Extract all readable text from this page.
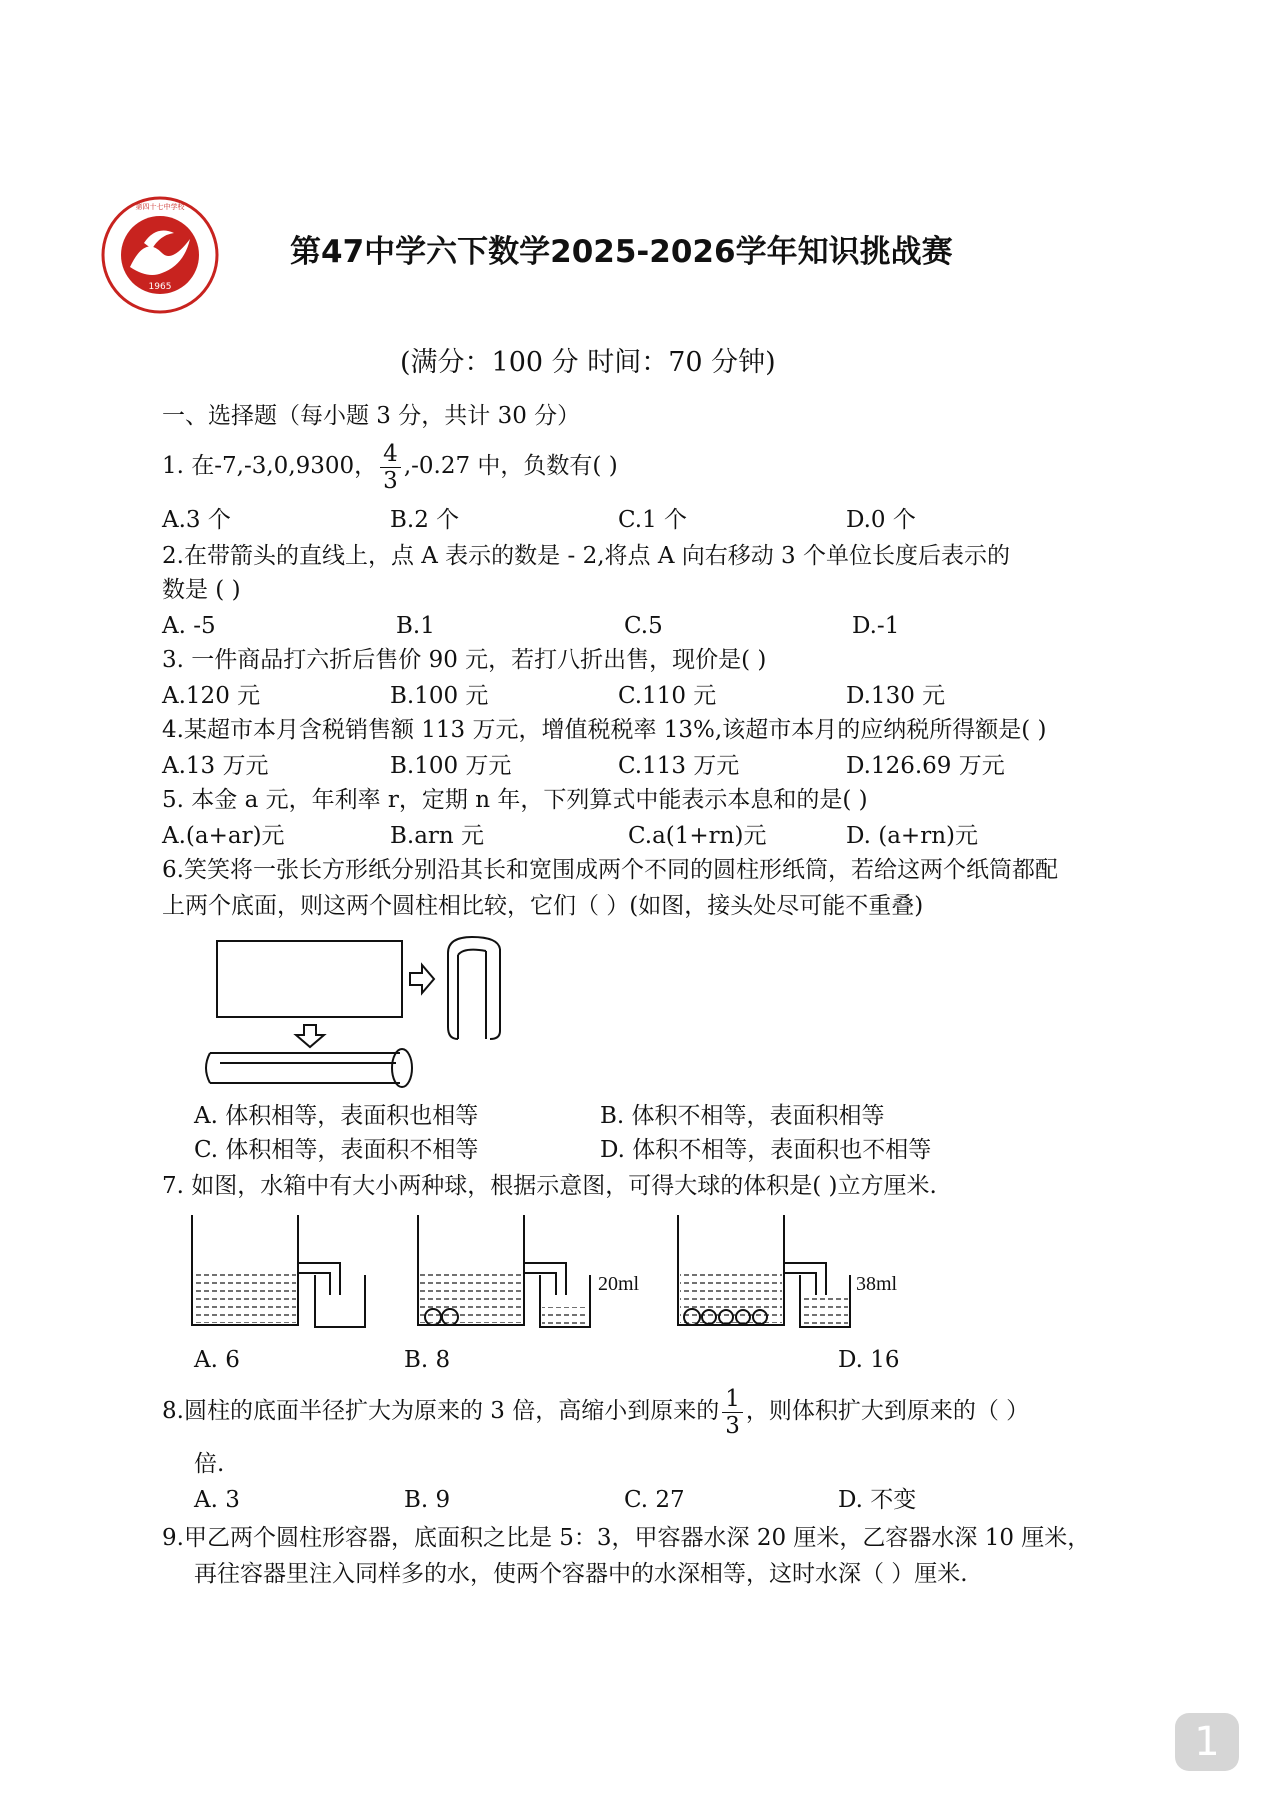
1965
第四十七中学校
第47中学六下数学2025-2026学年知识挑战赛
(满分：100 分 时间：70 分钟)
一、选择题（每小题 3 分，共计 30 分）
1. 在-7,-3,0,9300， $\frac{4}{3} ,-0.27$ 中，负数有( )
A.3 个	B.2 个	C.1 个	D.0 个
2.在带箭头的直线上，点 A 表示的数是 - 2,将点 A 向右移动 3 个单位长度后表示的
数是 ( )
A. -5	B.1	C.5	D.-1
3. 一件商品打六折后售价 90 元，若打八折出售，现价是( )
A.120 元	B.100 元	C.110 元	D.130 元
4.某超市本月含税销售额 113 万元，增值税税率 13%,该超市本月的应纳税所得额是( )
A.13 万元	B.100 万元	C.113 万元	D.126.69 万元
5. 本金 a 元，年利率 r，定期 n 年，下列算式中能表示本息和的是( )
A.(a+ar)元	B.arn 元	C.a(1+rn)元	D. (a+rn)元
6.笑笑将一张长方形纸分别沿其长和宽围成两个不同的圆柱形纸筒，若给这两个纸筒都配
上两个底面，则这两个圆柱相比较，它们（ ）(如图，接头处尽可能不重叠)
A. 体积相等，表面积也相等	B. 体积不相等，表面积相等
C. 体积相等，表面积不相等	D. 体积不相等，表面积也不相等
7. 如图，水箱中有大小两种球，根据示意图，可得大球的体积是( )立方厘米.
20ml	38ml
A. 6	B. 8	D. 16
8.圆柱的底面半径扩大为原来的 3 倍，高缩小到原来的 $\frac{1}{3}$ ，则体积扩大到原来的（ ）
倍.
A. 3	B. 9	C. 27	D. 不变
9.甲乙两个圆柱形容器，底面积之比是 5：3，甲容器水深 20 厘米，乙容器水深 10 厘米，
再往容器里注入同样多的水，使两个容器中的水深相等，这时水深（ ）厘米.
1
